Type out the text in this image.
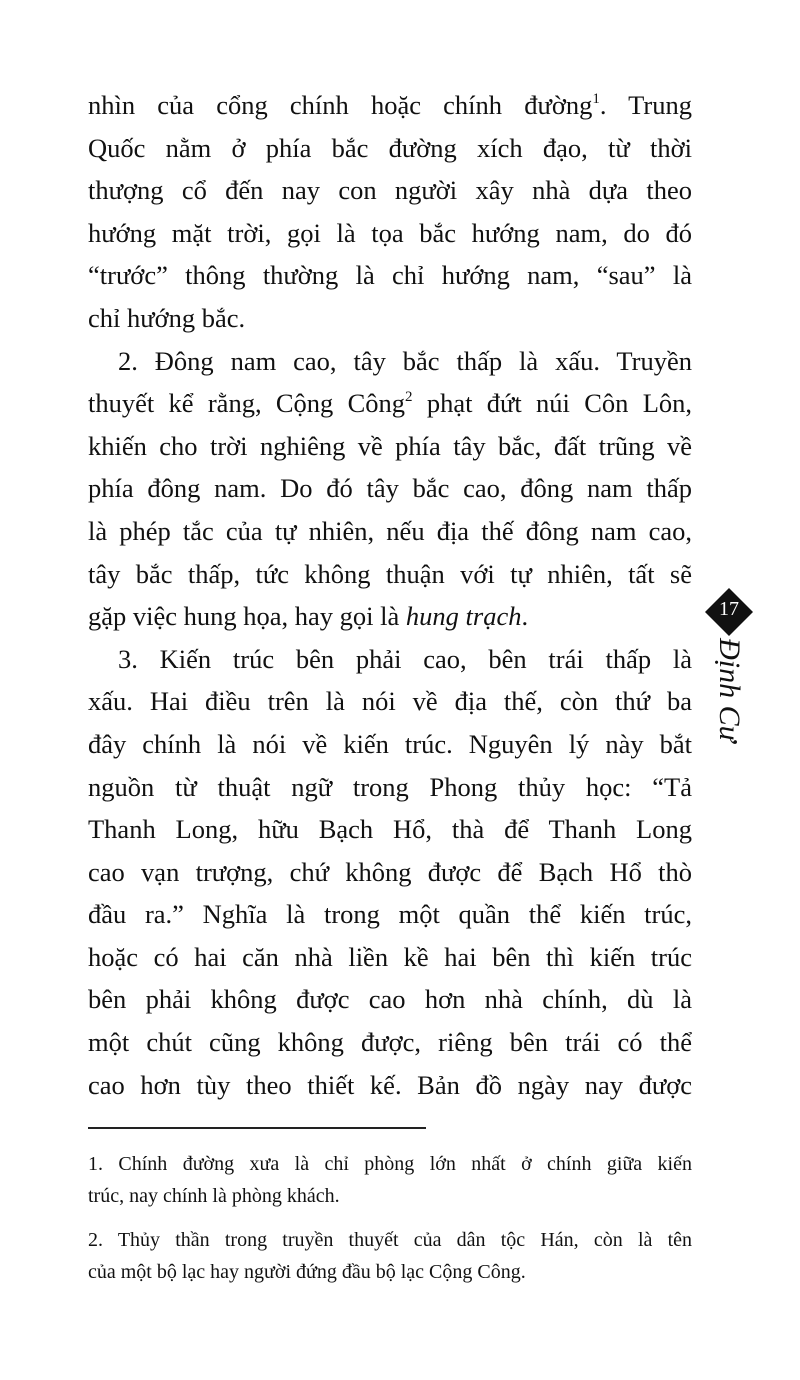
nhìn của cổng chính hoặc chính đường$^1$. Trung
Quốc nằm ở phía bắc đường xích đạo, từ thời
thượng cổ đến nay con người xây nhà dựa theo
hướng mặt trời, gọi là tọa bắc hướng nam, do đó
“trước” thông thường là chỉ hướng nam, “sau” là
chỉ hướng bắc.
2. Đông nam cao, tây bắc thấp là xấu. Truyền
thuyết kể rằng, Cộng Công$^2$ phạt đứt núi Côn Lôn,
khiến cho trời nghiêng về phía tây bắc, đất trũng về
phía đông nam. Do đó tây bắc cao, đông nam thấp
là phép tắc của tự nhiên, nếu địa thế đông nam cao,
tây bắc thấp, tức không thuận với tự nhiên, tất sẽ
gặp việc hung họa, hay gọi là hung trạch.
3. Kiến trúc bên phải cao, bên trái thấp là
xấu. Hai điều trên là nói về địa thế, còn thứ ba
đây chính là nói về kiến trúc. Nguyên lý này bắt
nguồn từ thuật ngữ trong Phong thủy học: “Tả
Thanh Long, hữu Bạch Hổ, thà để Thanh Long
cao vạn trượng, chứ không được để Bạch Hổ thò
đầu ra.” Nghĩa là trong một quần thể kiến trúc,
hoặc có hai căn nhà liền kề hai bên thì kiến trúc
bên phải không được cao hơn nhà chính, dù là
một chút cũng không được, riêng bên trái có thể
cao hơn tùy theo thiết kế. Bản đồ ngày nay được
1. Chính đường xưa là chỉ phòng lớn nhất ở chính giữa kiến
trúc, nay chính là phòng khách.
2. Thủy thần trong truyền thuyết của dân tộc Hán, còn là tên
của một bộ lạc hay người đứng đầu bộ lạc Cộng Công.
17
Định Cư
